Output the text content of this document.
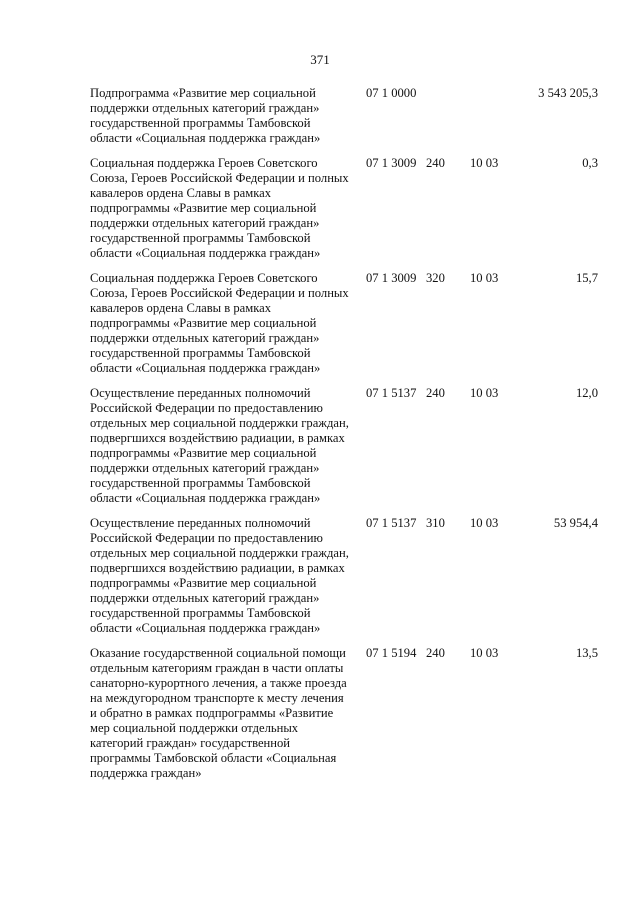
371
Подпрограмма «Развитие мер социальной поддержки отдельных категорий граждан» государственной программы Тамбовской области «Социальная поддержка граждан»	07 1 0000			3 543 205,3

Социальная поддержка Героев Советского Союза, Героев Российской Федерации и полных кавалеров ордена Славы в рамках подпрограммы «Развитие мер социальной поддержки отдельных категорий граждан» государственной программы Тамбовской области «Социальная поддержка граждан»	07 1 3009	240	10 03	0,3

Социальная поддержка Героев Советского Союза, Героев Российской Федерации и полных кавалеров ордена Славы в рамках подпрограммы «Развитие мер социальной поддержки отдельных категорий граждан» государственной программы Тамбовской области «Социальная поддержка граждан»	07 1 3009	320	10 03	15,7

Осуществление переданных полномочий Российской Федерации по предоставлению отдельных мер социальной поддержки граждан, подвергшихся воздействию радиации, в рамках подпрограммы «Развитие мер социальной поддержки отдельных категорий граждан» государственной программы Тамбовской области «Социальная поддержка граждан»	07 1 5137	240	10 03	12,0

Осуществление переданных полномочий Российской Федерации по предоставлению отдельных мер социальной поддержки граждан, подвергшихся воздействию радиации, в рамках подпрограммы «Развитие мер социальной поддержки отдельных категорий граждан» государственной программы Тамбовской области «Социальная поддержка граждан»	07 1 5137	310	10 03	53 954,4

Оказание государственной социальной помощи отдельным категориям граждан в части оплаты санаторно-курортного лечения, а также проезда на междугородном транспорте к месту лечения и обратно в рамках подпрограммы «Развитие мер социальной поддержки отдельных категорий граждан» государственной программы Тамбовской области «Социальная поддержка граждан»	07 1 5194	240	10 03	13,5
